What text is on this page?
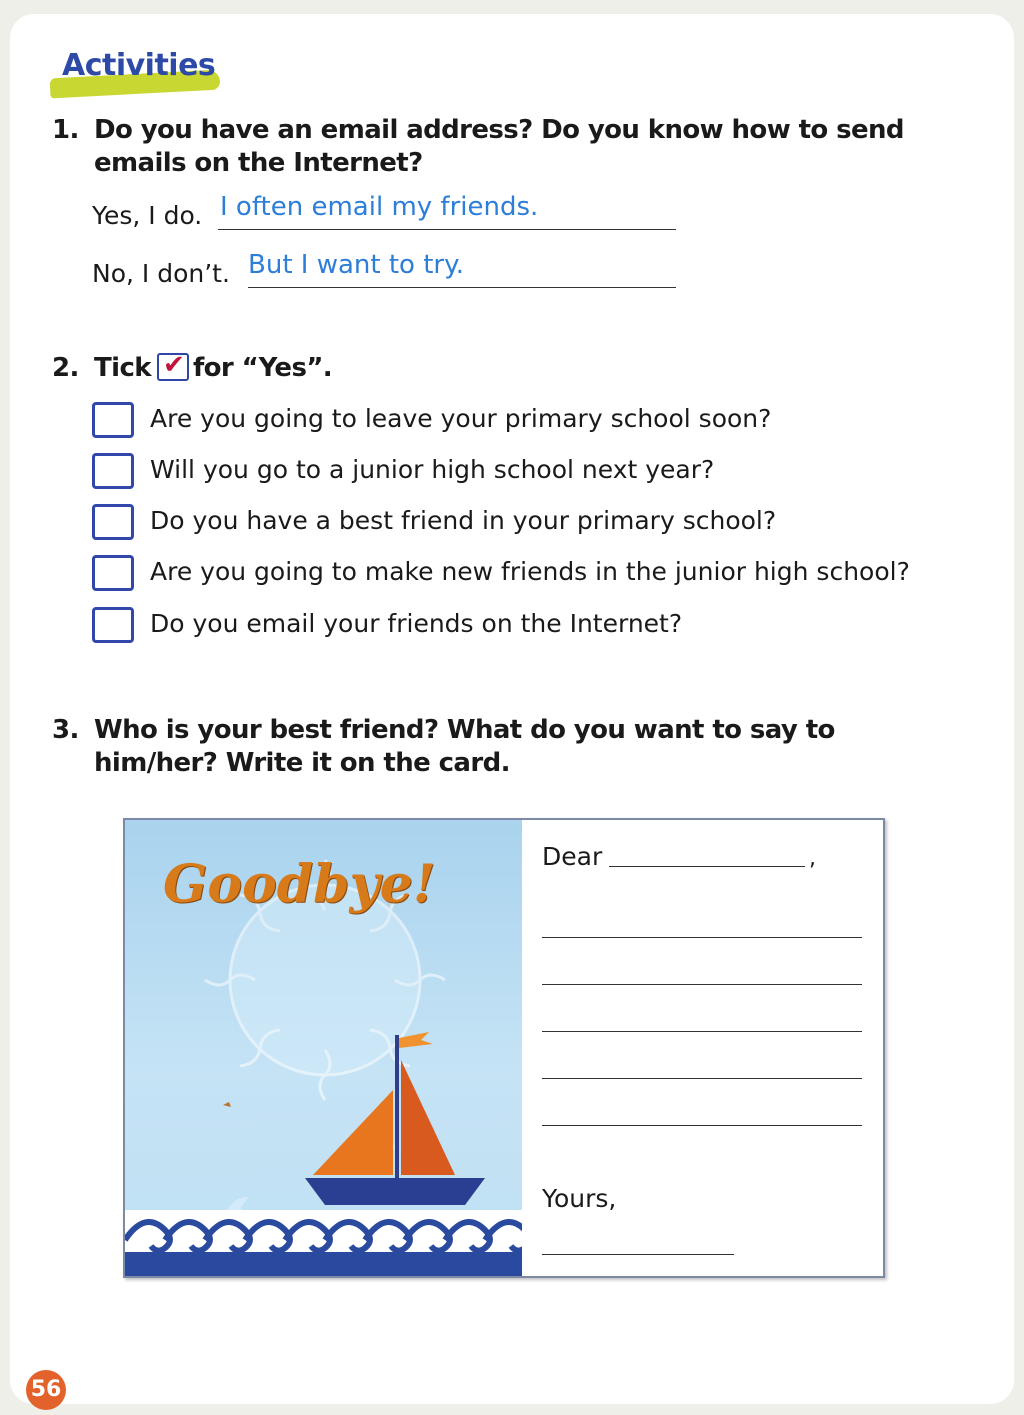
Activities
1. Do you have an email address? Do you know how to send emails on the Internet?
Yes, I do. I often email my friends.
No, I don’t. But I want to try.
2. Tick ✔ for “Yes”.
Are you going to leave your primary school soon?
Will you go to a junior high school next year?
Do you have a best friend in your primary school?
Are you going to make new friends in the junior high school?
Do you email your friends on the Internet?
3. Who is your best friend? What do you want to say to him/her? Write it on the card.
Goodbye!	Dear	,
Yours,
56
